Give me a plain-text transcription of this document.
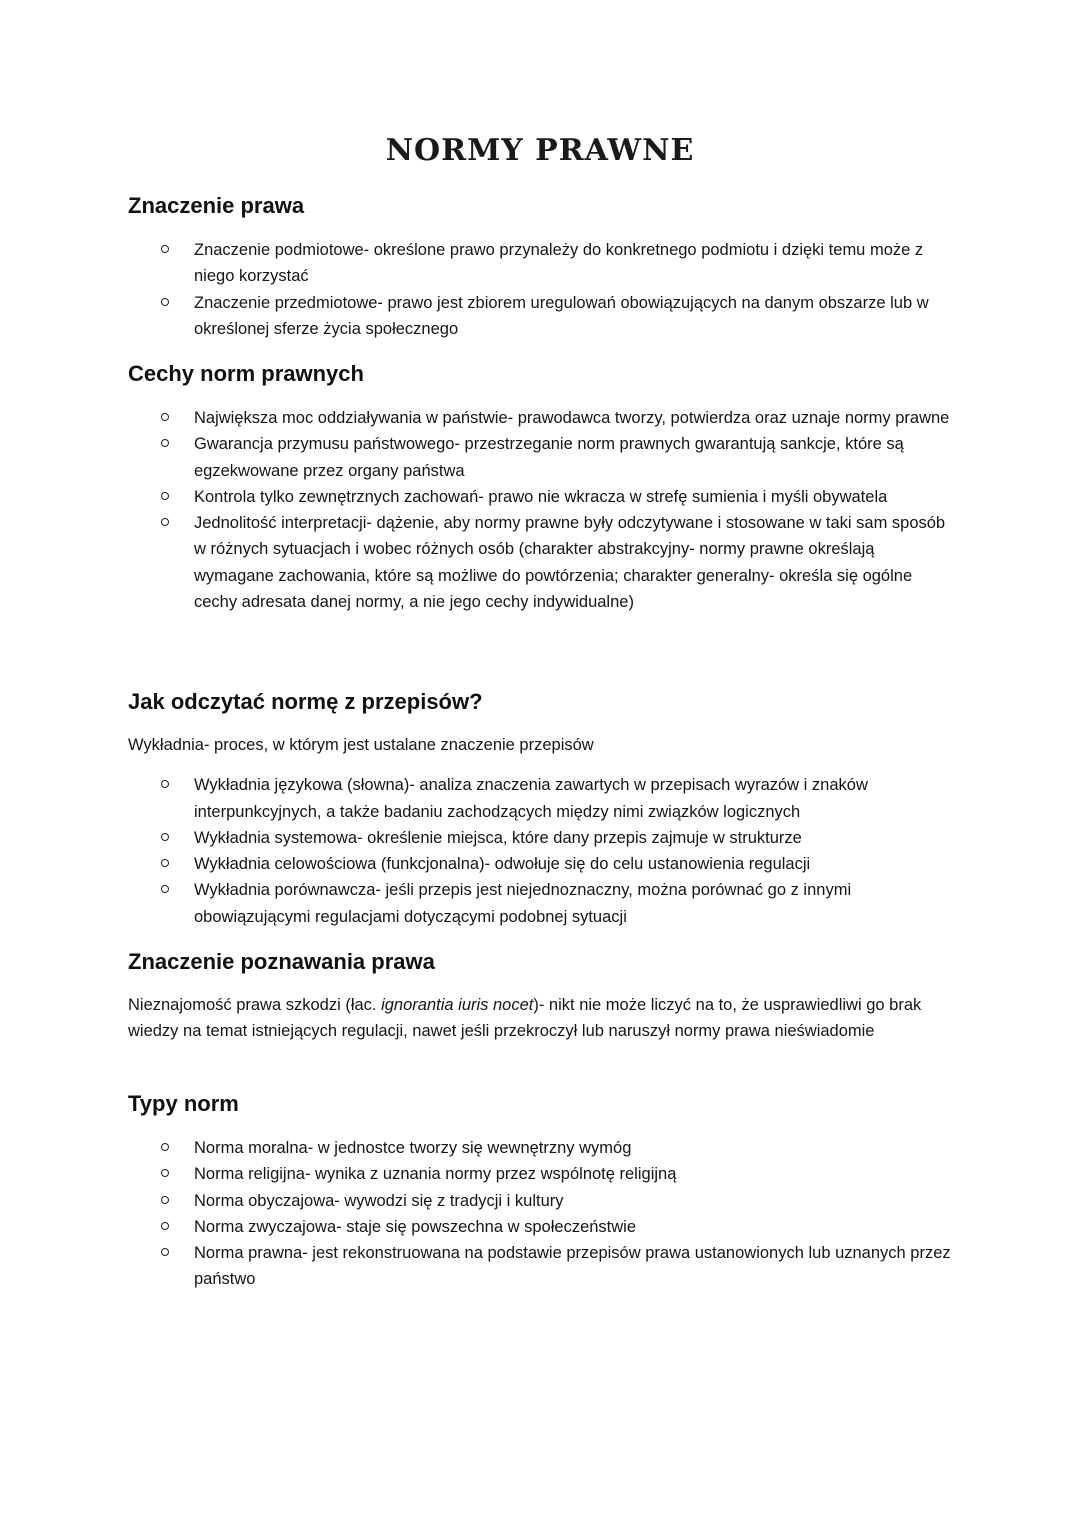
NORMY PRAWNE
Znaczenie prawa
Znaczenie podmiotowe- określone prawo przynależy do konkretnego podmiotu i dzięki temu może z niego korzystać
Znaczenie przedmiotowe- prawo jest zbiorem uregulowań obowiązujących na danym obszarze lub w określonej sferze życia społecznego
Cechy norm prawnych
Największa moc oddziaływania w państwie- prawodawca tworzy, potwierdza oraz uznaje normy prawne
Gwarancja przymusu państwowego- przestrzeganie norm prawnych gwarantują sankcje, które są egzekwowane przez organy państwa
Kontrola tylko zewnętrznych zachowań- prawo nie wkracza w strefę sumienia i myśli obywatela
Jednolitość interpretacji- dążenie, aby normy prawne były odczytywane i stosowane w taki sam sposób w różnych sytuacjach i wobec różnych osób (charakter abstrakcyjny- normy prawne określają wymagane zachowania, które są możliwe do powtórzenia; charakter generalny- określa się ogólne cechy adresata danej normy, a nie jego cechy indywidualne)
Jak odczytać normę z przepisów?

Wykładnia- proces, w którym jest ustalane znaczenie przepisów

Wykładnia językowa (słowna)- analiza znaczenia zawartych w przepisach wyrazów i znaków interpunkcyjnych, a także badaniu zachodzących między nimi związków logicznych
Wykładnia systemowa- określenie miejsca, które dany przepis zajmuje w strukturze
Wykładnia celowościowa (funkcjonalna)- odwołuje się do celu ustanowienia regulacji
Wykładnia porównawcza- jeśli przepis jest niejednoznaczny, można porównać go z innymi obowiązującymi regulacjami dotyczącymi podobnej sytuacji
Znaczenie poznawania prawa

Nieznajomość prawa szkodzi (łac. ignorantia iuris nocet)- nikt nie może liczyć na to, że usprawiedliwi go brak wiedzy na temat istniejących regulacji, nawet jeśli przekroczył lub naruszył normy prawa nieświadomie

Typy norm
Norma moralna- w jednostce tworzy się wewnętrzny wymóg
Norma religijna- wynika z uznania normy przez wspólnotę religijną
Norma obyczajowa- wywodzi się z tradycji i kultury
Norma zwyczajowa- staje się powszechna w społeczeństwie
Norma prawna- jest rekonstruowana na podstawie przepisów prawa ustanowionych lub uznanych przez państwo
